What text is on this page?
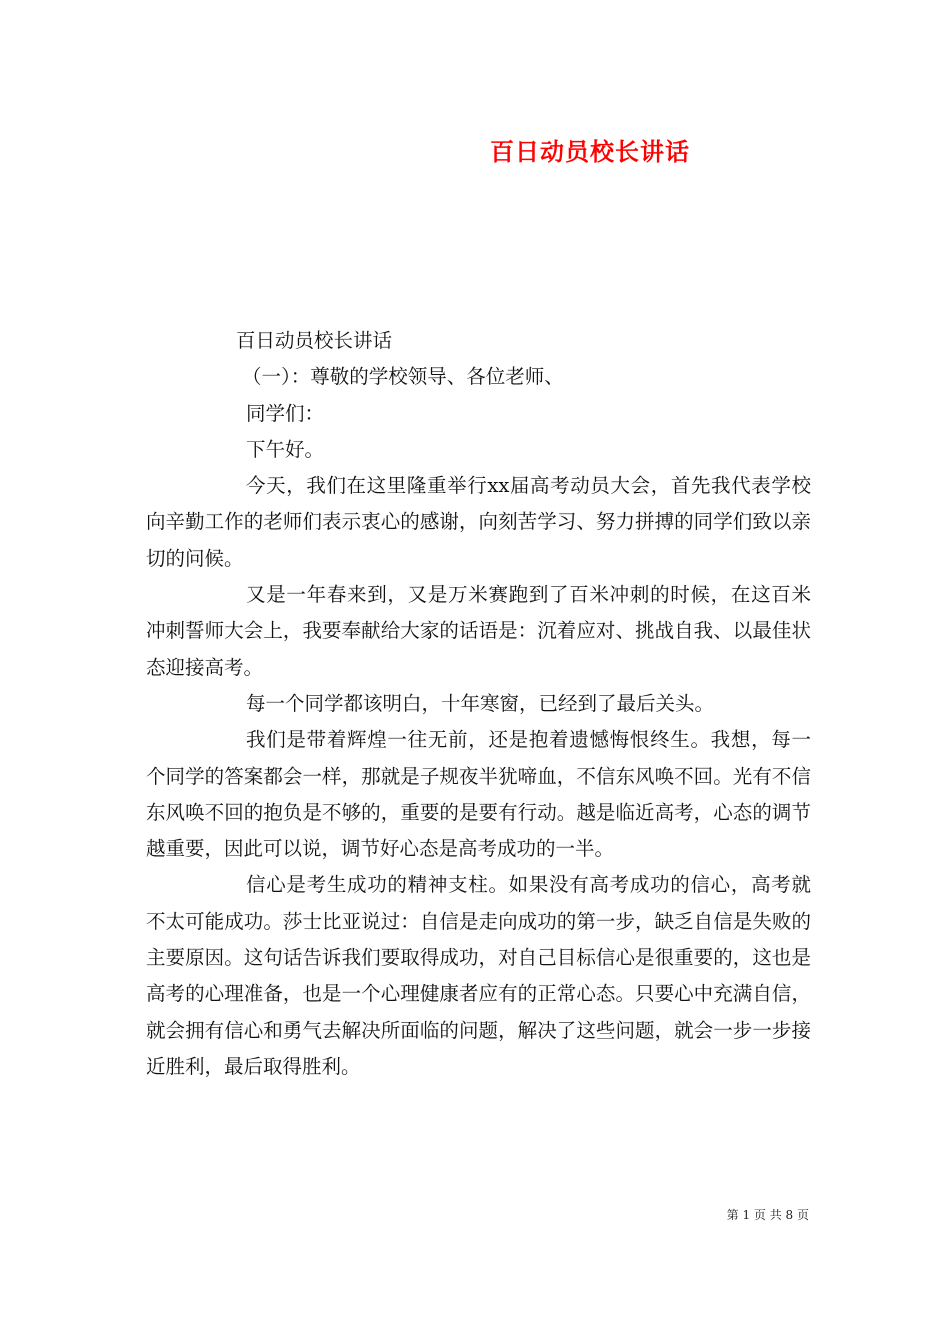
百日动员校长讲话

百日动员校长讲话

（一）：尊敬的学校领导、各位老师、

同学们：

下午好。

今天，我们在这里隆重举行xx届高考动员大会，首先我代表学校向辛勤工作的老师们表示衷心的感谢，向刻苦学习、努力拼搏的同学们致以亲切的问候。

又是一年春来到，又是万米赛跑到了百米冲刺的时候，在这百米冲刺誓师大会上，我要奉献给大家的话语是：沉着应对、挑战自我、以最佳状态迎接高考。

每一个同学都该明白，十年寒窗，已经到了最后关头。

我们是带着辉煌一往无前，还是抱着遗憾悔恨终生。我想，每一个同学的答案都会一样，那就是子规夜半犹啼血，不信东风唤不回。光有不信东风唤不回的抱负是不够的，重要的是要有行动。越是临近高考，心态的调节越重要，因此可以说，调节好心态是高考成功的一半。

信心是考生成功的精神支柱。如果没有高考成功的信心，高考就不太可能成功。莎士比亚说过：自信是走向成功的第一步，缺乏自信是失败的主要原因。这句话告诉我们要取得成功，对自己目标信心是很重要的，这也是高考的心理准备，也是一个心理健康者应有的正常心态。只要心中充满自信，就会拥有信心和勇气去解决所面临的问题，解决了这些问题，就会一步一步接近胜利，最后取得胜利。

第 1 页 共 8 页
